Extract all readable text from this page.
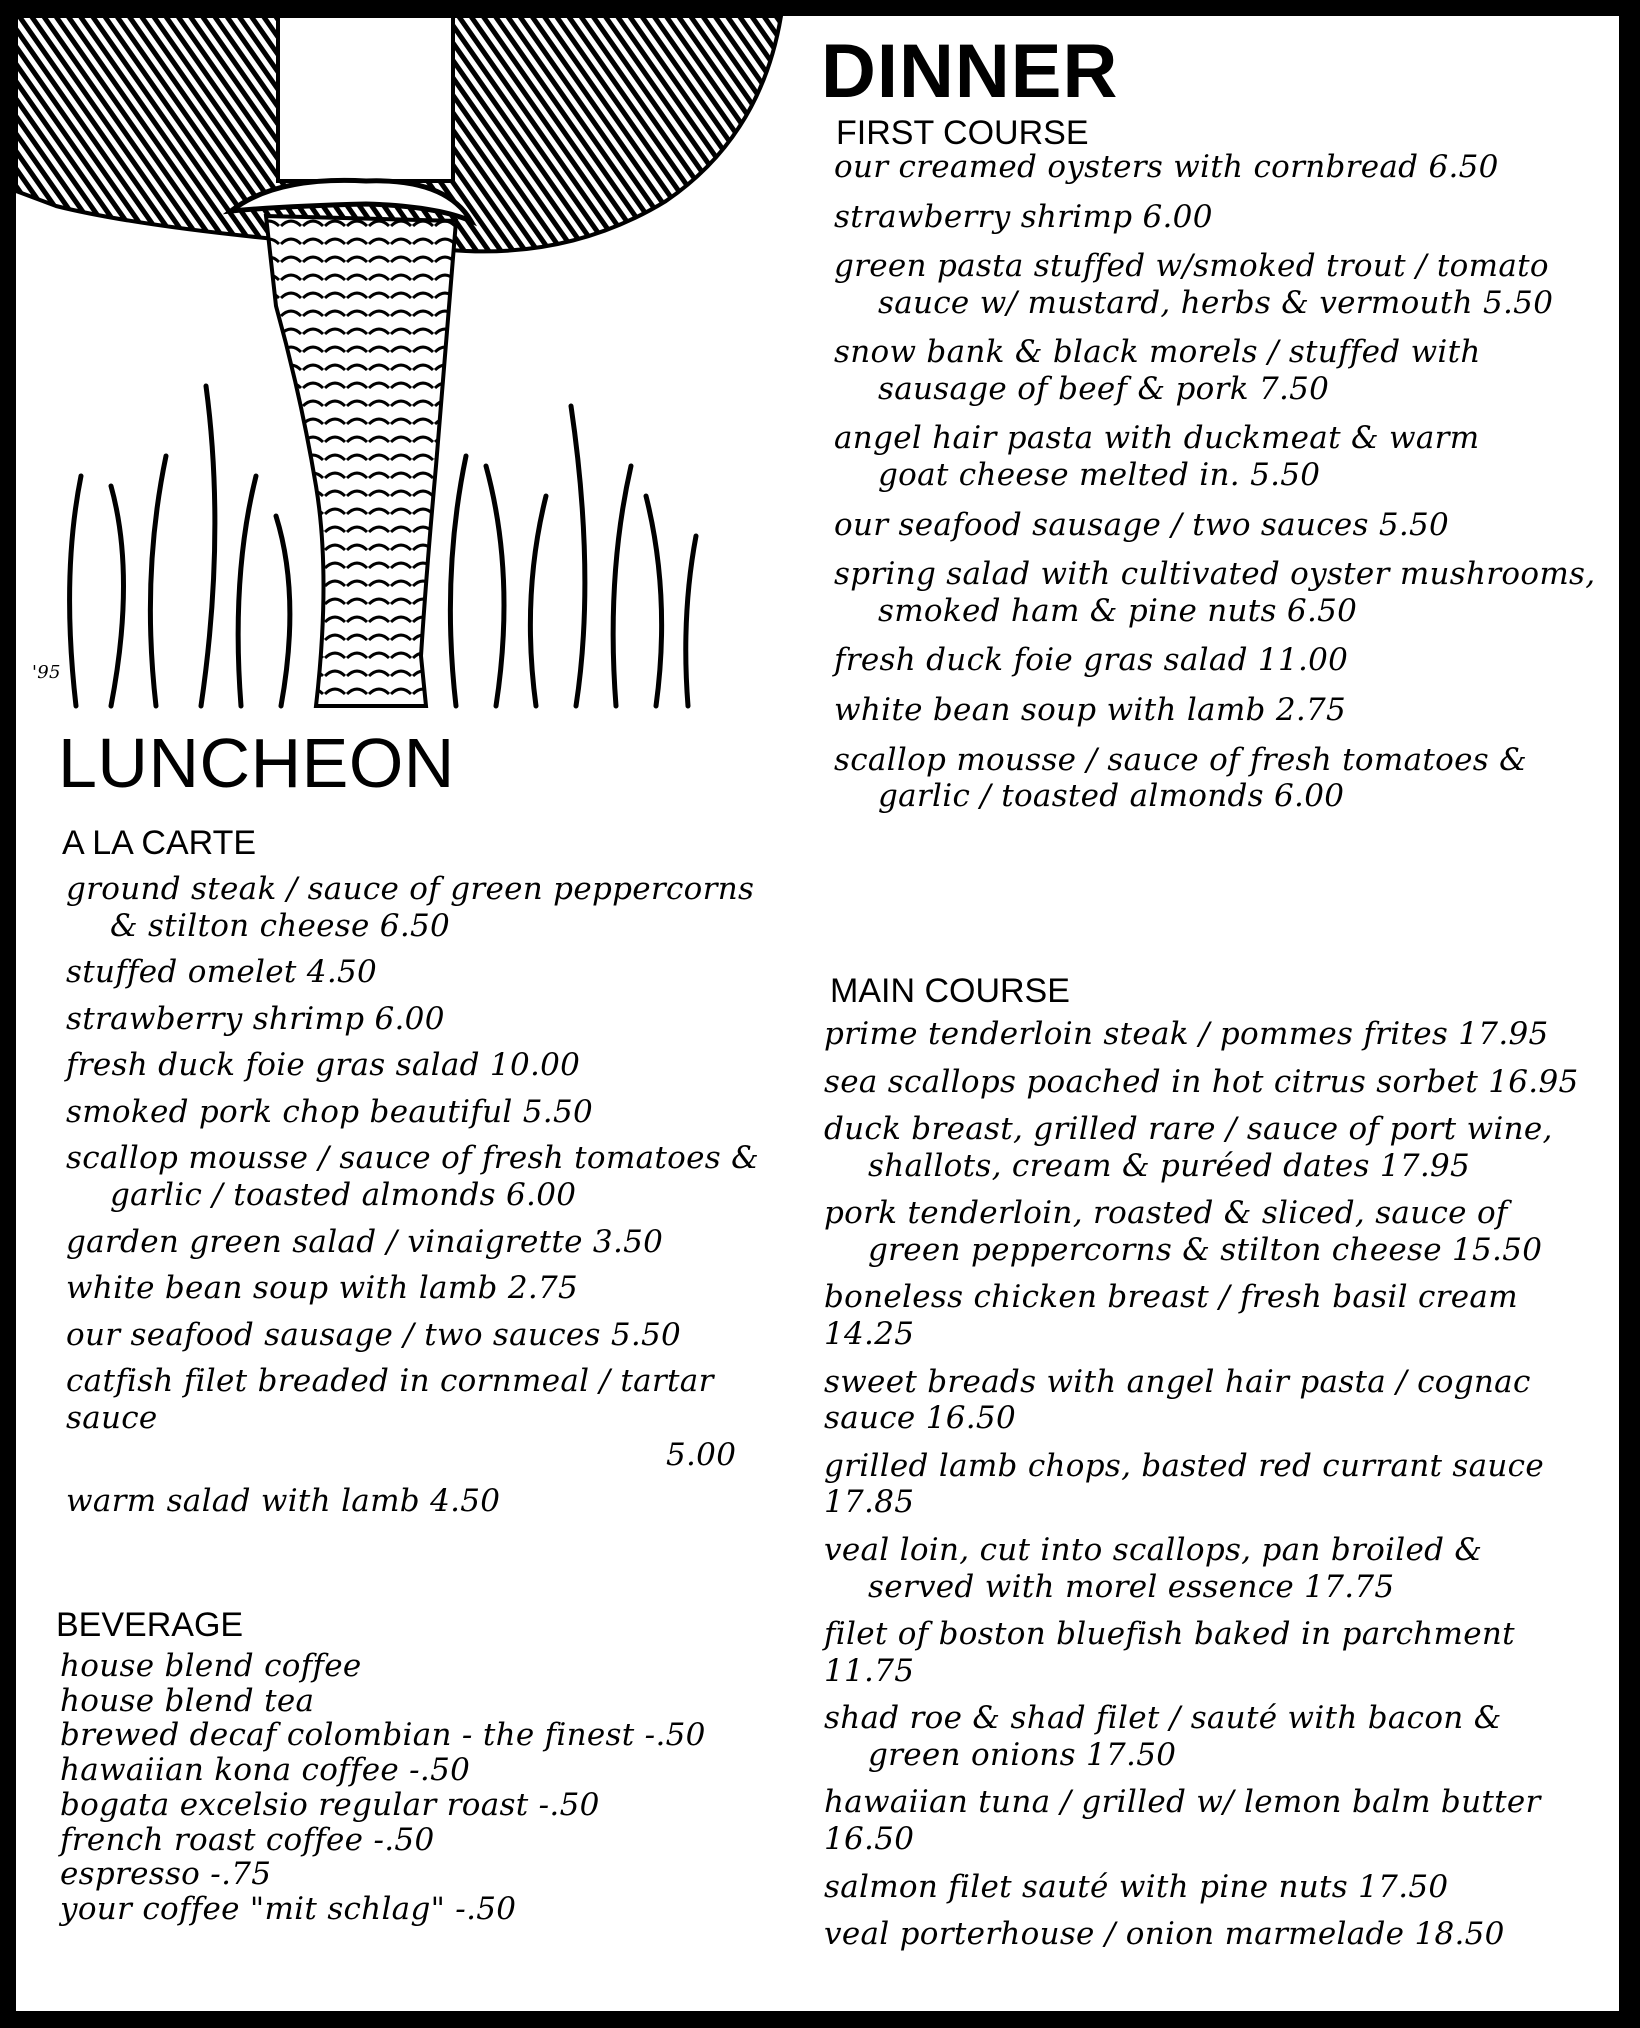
'95
DINNER
FIRST COURSE
our creamed oysters with cornbread 6.50
strawberry shrimp 6.00
green pasta stuffed w/smoked trout / tomato
sauce w/ mustard, herbs & vermouth 5.50
snow bank & black morels / stuffed with
sausage of beef & pork 7.50
angel hair pasta with duckmeat & warm
goat cheese melted in. 5.50
our seafood sausage / two sauces 5.50
spring salad with cultivated oyster mushrooms,
smoked ham & pine nuts 6.50
fresh duck foie gras salad 11.00
white bean soup with lamb 2.75
scallop mousse / sauce of fresh tomatoes &
garlic / toasted almonds 6.00
MAIN COURSE
prime tenderloin steak / pommes frites 17.95
sea scallops poached in hot citrus sorbet 16.95
duck breast, grilled rare / sauce of port wine,
shallots, cream & puréed dates 17.95
pork tenderloin, roasted & sliced, sauce of
green peppercorns & stilton cheese 15.50
boneless chicken breast / fresh basil cream 14.25
sweet breads with angel hair pasta / cognac sauce 16.50
grilled lamb chops, basted red currant sauce 17.85
veal loin, cut into scallops, pan broiled &
served with morel essence 17.75
filet of boston bluefish baked in parchment 11.75
shad roe & shad filet / sauté with bacon &
green onions 17.50
hawaiian tuna / grilled w/ lemon balm butter 16.50
salmon filet sauté with pine nuts 17.50
veal porterhouse / onion marmelade 18.50
LUNCHEON
A LA CARTE
ground steak / sauce of green peppercorns
& stilton cheese 6.50
stuffed omelet 4.50
strawberry shrimp 6.00
fresh duck foie gras salad 10.00
smoked pork chop beautiful 5.50
scallop mousse / sauce of fresh tomatoes &
garlic / toasted almonds 6.00
garden green salad / vinaigrette 3.50
white bean soup with lamb 2.75
our seafood sausage / two sauces 5.50
catfish filet breaded in cornmeal / tartar sauce
5.00
warm salad with lamb 4.50
BEVERAGE
house blend coffee
house blend tea
brewed decaf colombian - the finest -.50
hawaiian kona coffee -.50
bogata excelsio regular roast -.50
french roast coffee -.50
espresso -.75
your coffee "mit schlag" -.50
